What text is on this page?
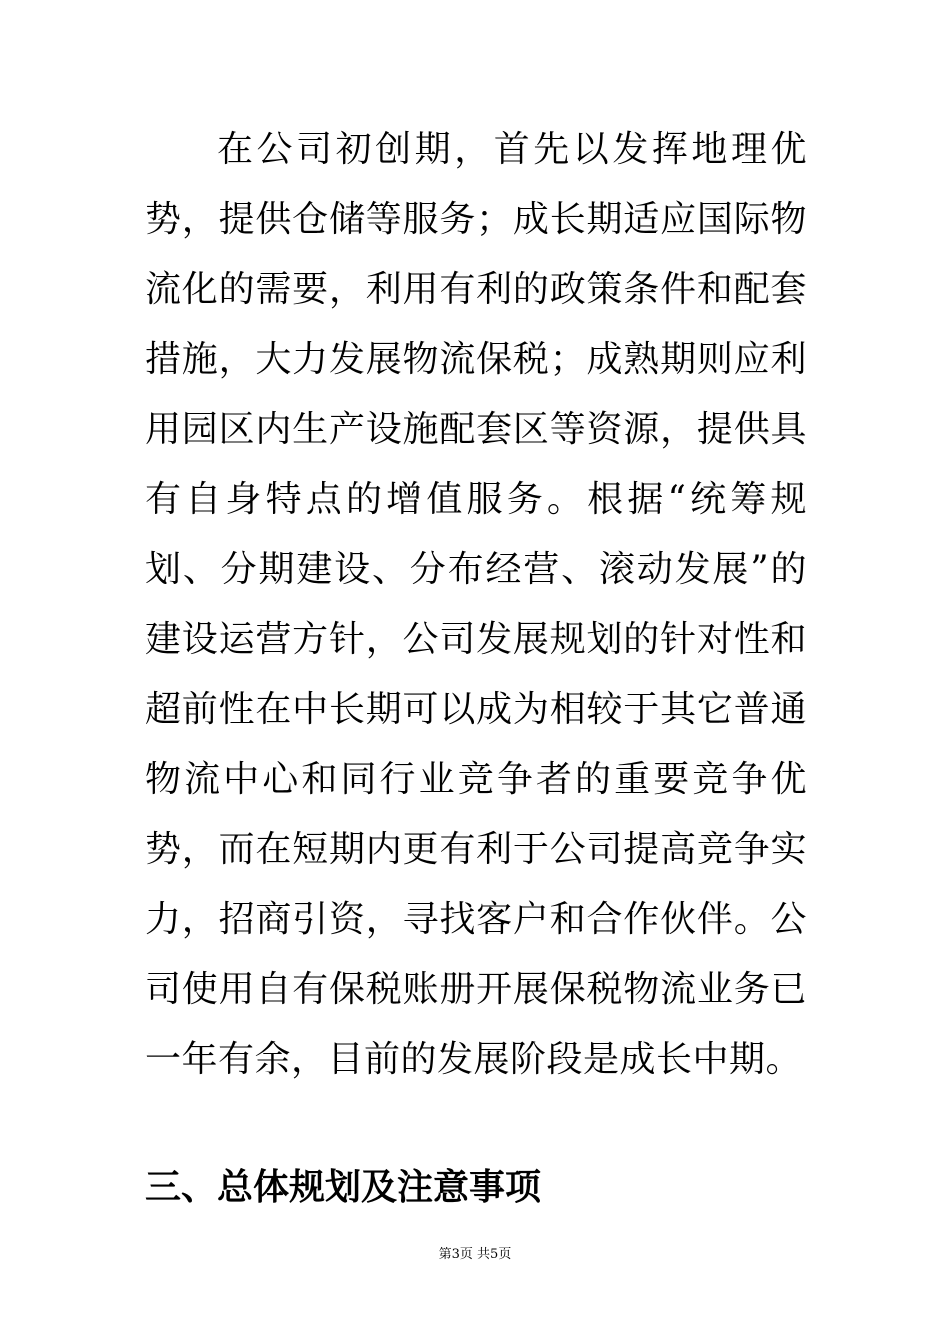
在公司初创期，首先以发挥地理优势，提供仓储等服务；成长期适应国际物流化的需要，利用有利的政策条件和配套措施，大力发展物流保税；成熟期则应利用园区内生产设施配套区等资源，提供具有自身特点的增值服务。根据“统筹规划、分期建设、分布经营、滚动发展”的建设运营方针，公司发展规划的针对性和超前性在中长期可以成为相较于其它普通物流中心和同行业竞争者的重要竞争优势，而在短期内更有利于公司提高竞争实力，招商引资，寻找客户和合作伙伴。公司使用自有保税账册开展保税物流业务已一年有余，目前的发展阶段是成长中期。

三、总体规划及注意事项
第3页 共5页
